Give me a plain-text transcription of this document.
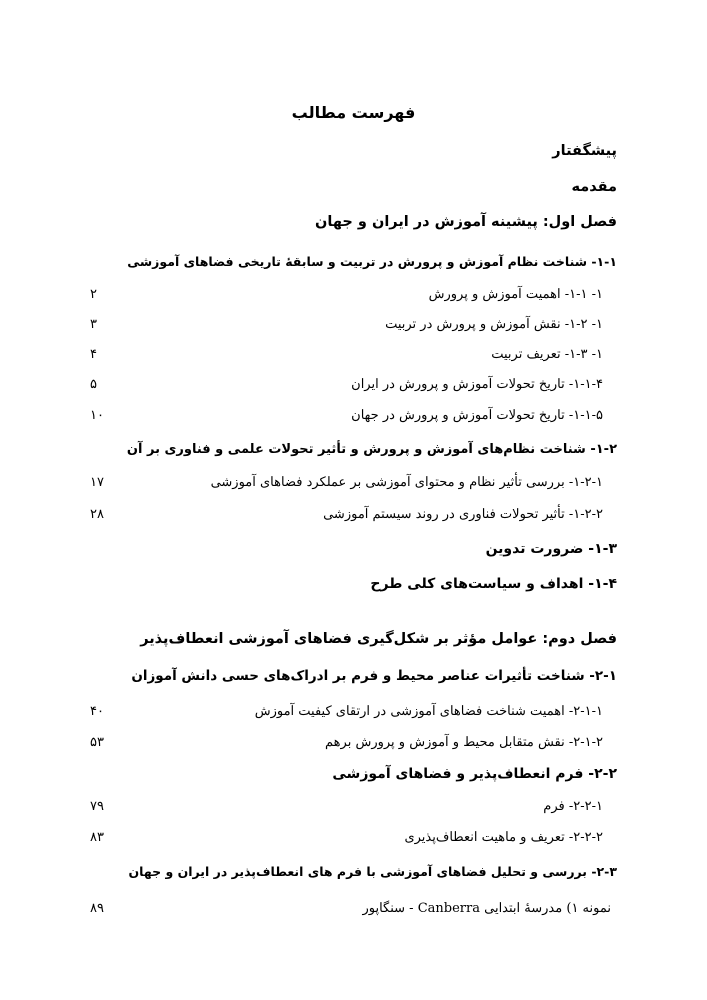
فهرست مطالب
پیشگفتار
مقدمه
فصل اول: پیشینه آموزش در ایران و جهان
۱-۱- شناخت نظام آموزش و پرورش در تربیت و سابقهٔ تاریخی فضاهای آموزشی
۱- ۱-۱- اهمیت آموزش و پرورش
۲
۱- ۱-۲- نقش آموزش و پرورش در تربیت
۳
۱- ۱-۳- تعریف تربیت
۴
۱-۱-۴- تاریخ تحولات آموزش و پرورش در ایران
۵
۱-۱-۵- تاریخ تحولات آموزش و پرورش در جهان
۱۰
۱-۲- شناخت نظام‌های آموزش و پرورش و تأثیر تحولات علمی و فناوری بر آن
۱-۲-۱- بررسی تأثیر نظام و محتوای آموزشی بر عملکرد فضاهای آموزشی
۱۷
۱-۲-۲- تأثیر تحولات فناوری در روند سیستم آموزشی
۲۸
۱-۳- ضرورت تدوین
۱-۴- اهداف و سیاست‌های کلی طرح
فصل دوم: عوامل مؤثر بر شکل‌گیری فضاهای آموزشی انعطاف‌پذیر
۲-۱- شناخت تأثیرات عناصر محیط و فرم بر ادراک‌های حسی دانش آموزان
۲-۱-۱- اهمیت شناخت فضاهای آموزشی در ارتقای کیفیت آموزش
۴۰
۲-۱-۲- نقش متقابل محیط و آموزش و پرورش برهم
۵۳
۲-۲- فرم انعطاف‌پذیر و فضاهای آموزشی
۲-۲-۱- فرم
۷۹
۲-۲-۲- تعریف و ماهیت انعطاف‌پذیری
۸۳
۲-۳- بررسی و تحلیل فضاهای آموزشی با فرم های انعطاف‌پذیر در ایران و جهان
نمونه ۱) مدرسهٔ ابتدایی Canberra - سنگاپور
۸۹
